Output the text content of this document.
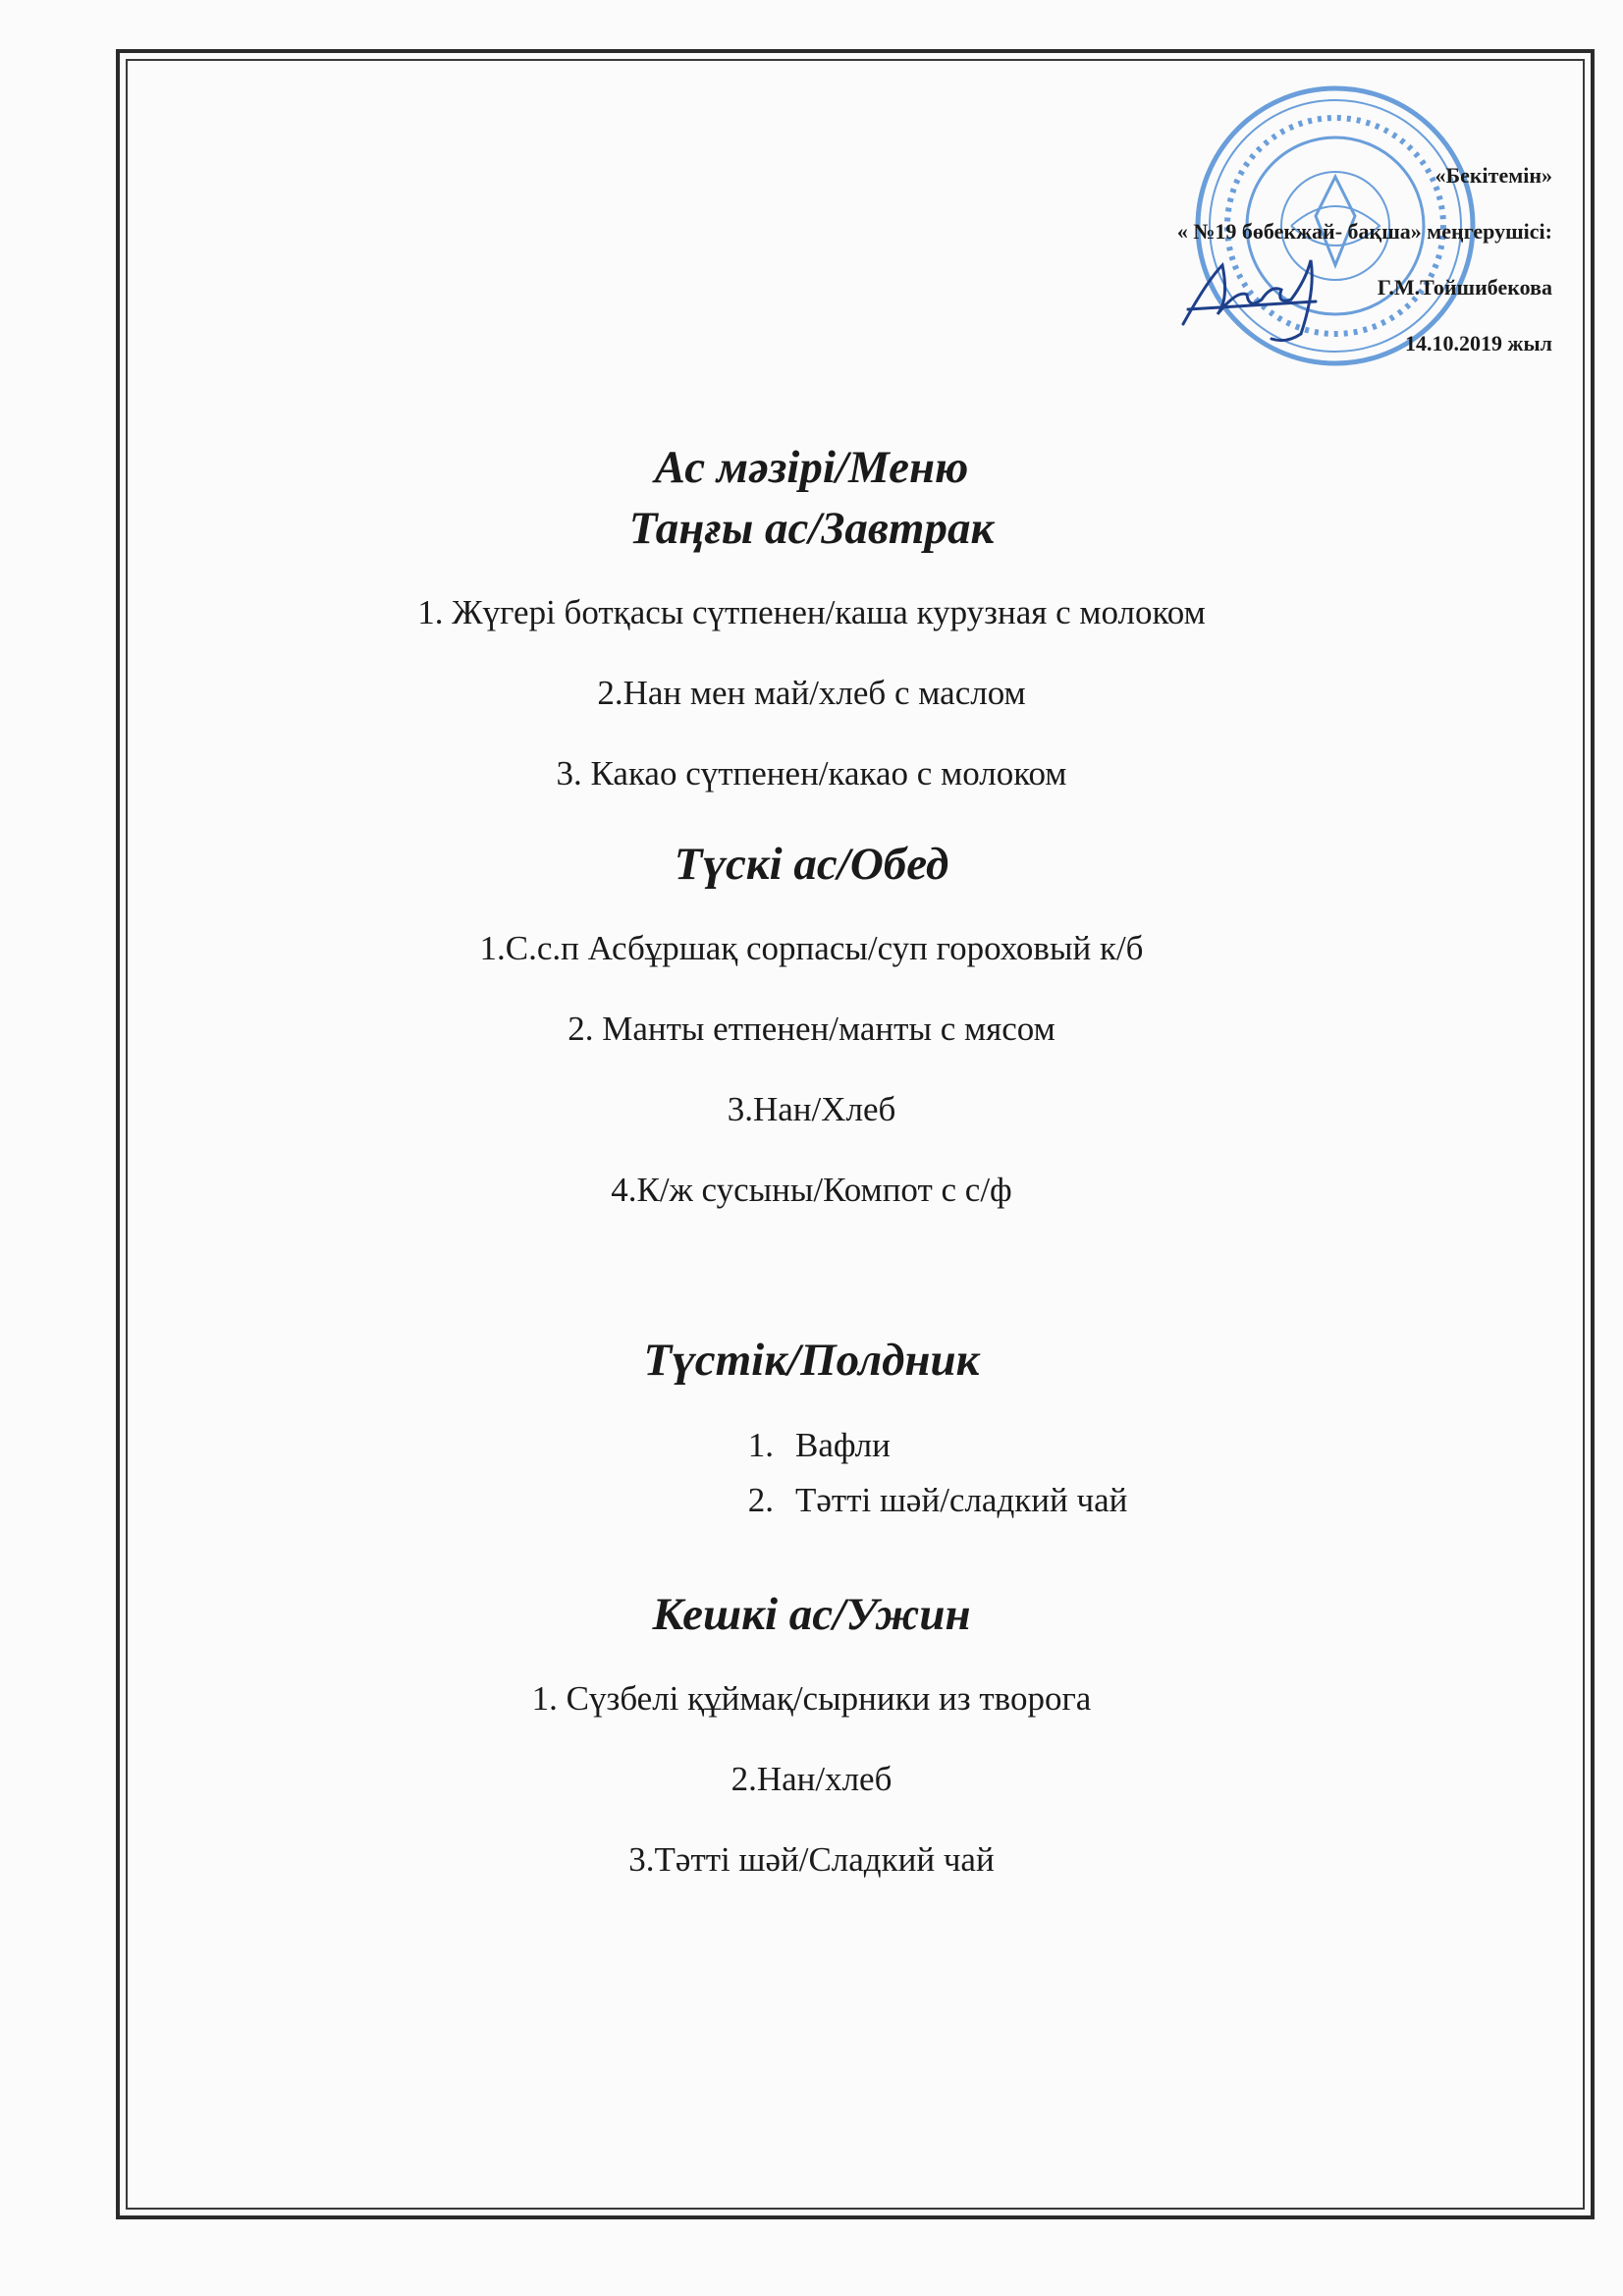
«Бекітемін»
« №19 бөбекжай- бақша» меңгерушісі:
Г.М.Тойшибекова
14.10.2019 жыл
Ас мәзірі/Меню
Таңғы ас/Завтрак
1. Жүгері ботқасы сүтпенен/каша курузная с молоком
2.Нан мен май/хлеб с маслом
3. Какао сүтпенен/какао с молоком
Түскі ас/Обед
1.С.с.п Асбұршақ сорпасы/суп гороховый к/б
2. Манты етпенен/манты с мясом
3.Нан/Хлеб
4.К/ж сусыны/Компот с с/ф
Түстік/Полдник
1. Вафли
2. Тәтті шәй/сладкий чай
Кешкі ас/Ужин
1. Сүзбелі құймақ/сырники из творога
2.Нан/хлеб
3.Тәтті шәй/Сладкий чай
